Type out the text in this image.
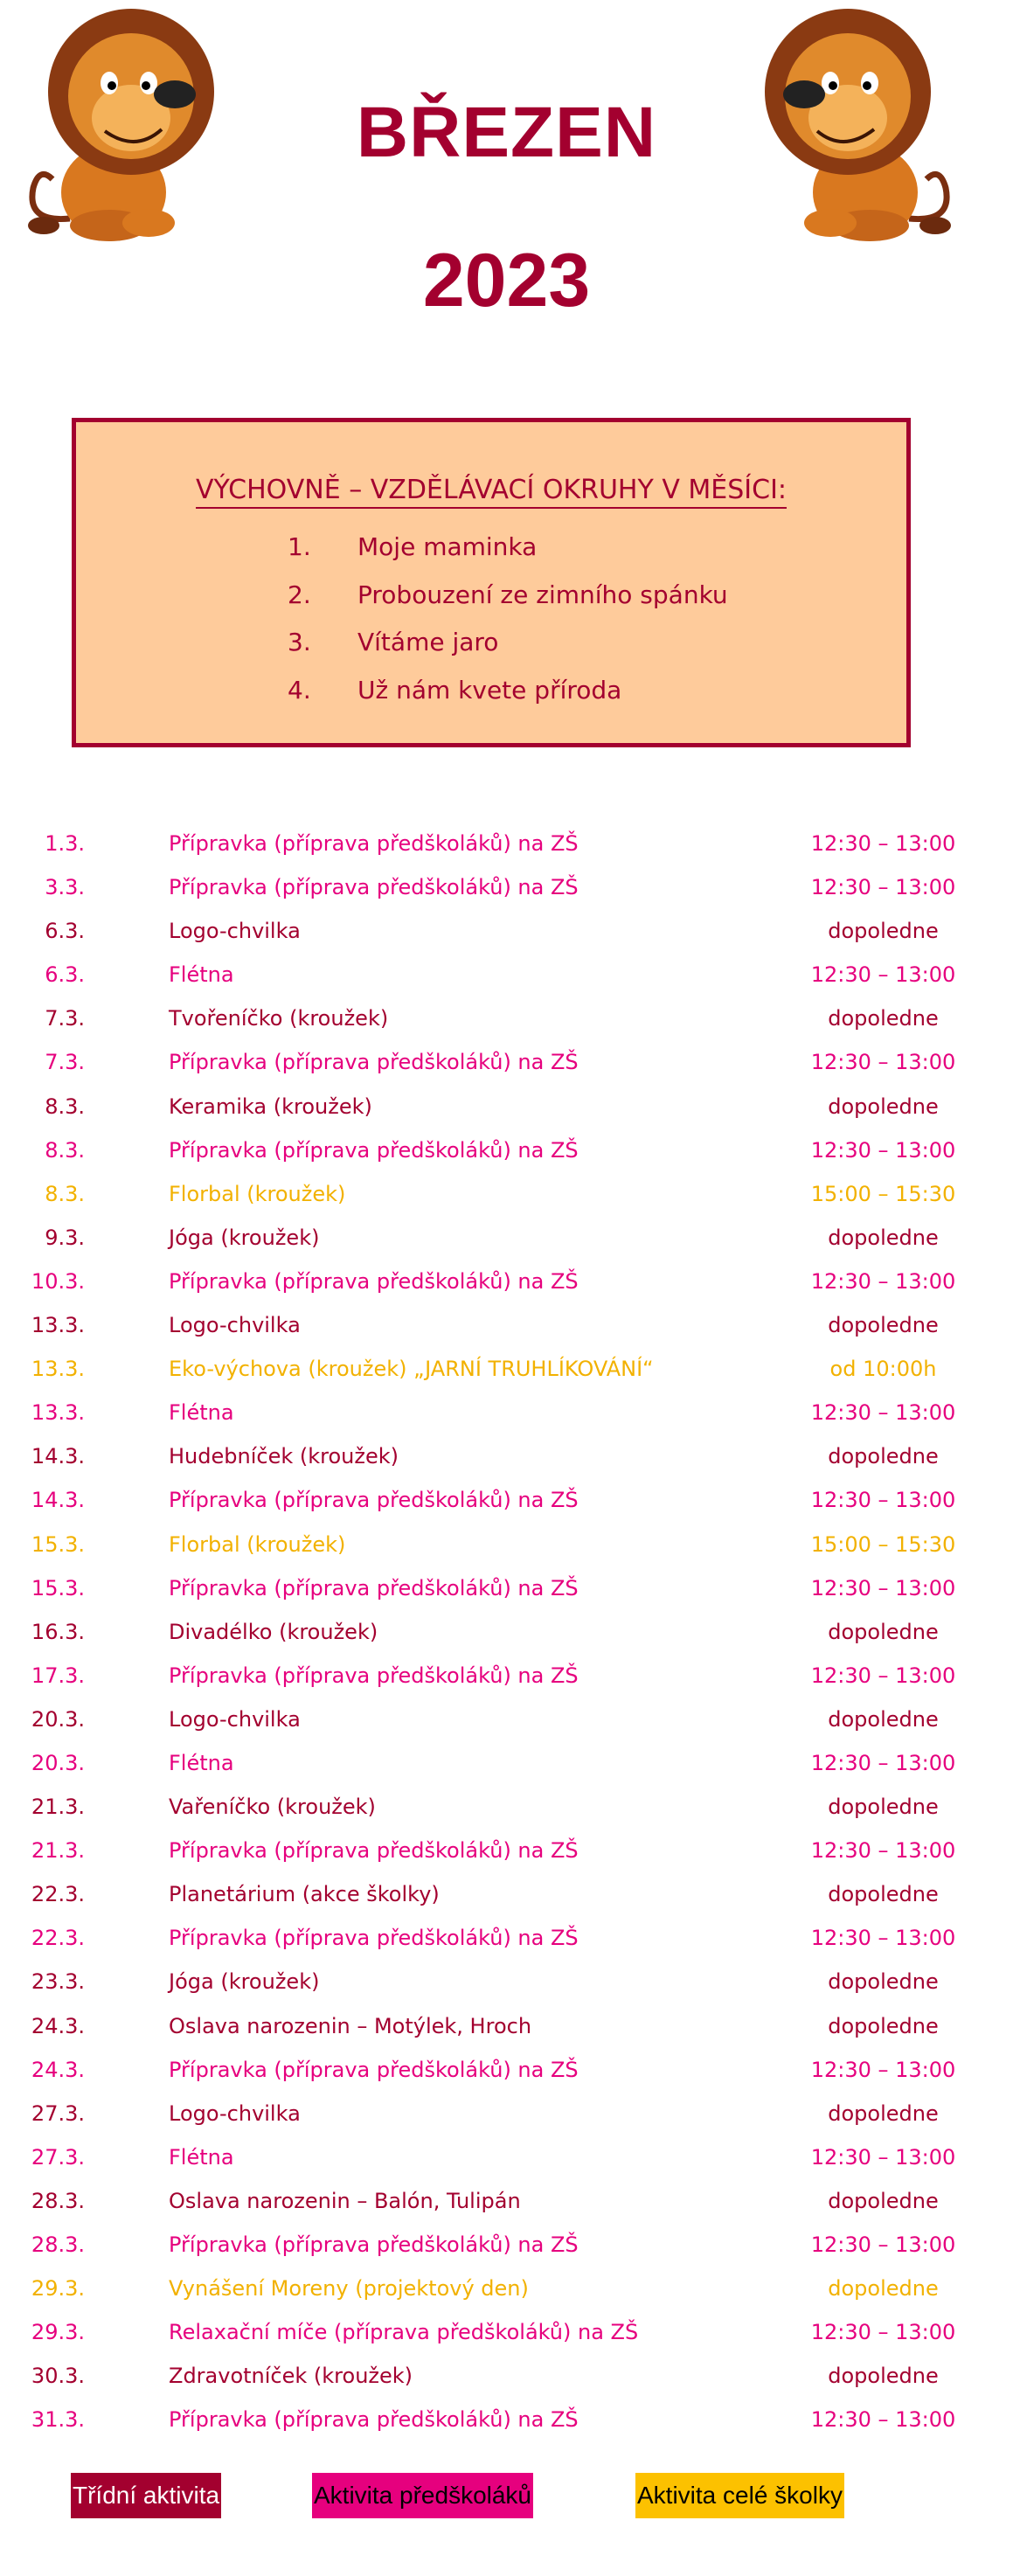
BŘEZEN
2023
VÝCHOVNĚ – VZDĚLÁVACÍ OKRUHY V MĚSÍCI:
1. Moje maminka
2. Probouzení ze zimního spánku
3. Vítáme jaro
4. Už nám kvete příroda
1.3.	Přípravka (příprava předškoláků) na ZŠ	12:30 – 13:00
3.3.	Přípravka (příprava předškoláků) na ZŠ	12:30 – 13:00
6.3.	Logo-chvilka	dopoledne
6.3.	Flétna	12:30 – 13:00
7.3.	Tvořeníčko (kroužek)	dopoledne
7.3.	Přípravka (příprava předškoláků) na ZŠ	12:30 – 13:00
8.3.	Keramika (kroužek)	dopoledne
8.3.	Přípravka (příprava předškoláků) na ZŠ	12:30 – 13:00
8.3.	Florbal (kroužek)	15:00 – 15:30
9.3.	Jóga (kroužek)	dopoledne
10.3.	Přípravka (příprava předškoláků) na ZŠ	12:30 – 13:00
13.3.	Logo-chvilka	dopoledne
13.3.	Eko-výchova (kroužek) „JARNÍ TRUHLÍKOVÁNÍ“	od 10:00h
13.3.	Flétna	12:30 – 13:00
14.3.	Hudebníček (kroužek)	dopoledne
14.3.	Přípravka (příprava předškoláků) na ZŠ	12:30 – 13:00
15.3.	Florbal (kroužek)	15:00 – 15:30
15.3.	Přípravka (příprava předškoláků) na ZŠ	12:30 – 13:00
16.3.	Divadélko (kroužek)	dopoledne
17.3.	Přípravka (příprava předškoláků) na ZŠ	12:30 – 13:00
20.3.	Logo-chvilka	dopoledne
20.3.	Flétna	12:30 – 13:00
21.3.	Vařeníčko (kroužek)	dopoledne
21.3.	Přípravka (příprava předškoláků) na ZŠ	12:30 – 13:00
22.3.	Planetárium (akce školky)	dopoledne
22.3.	Přípravka (příprava předškoláků) na ZŠ	12:30 – 13:00
23.3.	Jóga (kroužek)	dopoledne
24.3.	Oslava narozenin – Motýlek, Hroch	dopoledne
24.3.	Přípravka (příprava předškoláků) na ZŠ	12:30 – 13:00
27.3.	Logo-chvilka	dopoledne
27.3.	Flétna	12:30 – 13:00
28.3.	Oslava narozenin – Balón, Tulipán	dopoledne
28.3.	Přípravka (příprava předškoláků) na ZŠ	12:30 – 13:00
29.3.	Vynášení Moreny (projektový den)	dopoledne
29.3.	Relaxační míče (příprava předškoláků) na ZŠ	12:30 – 13:00
30.3.	Zdravotníček (kroužek)	dopoledne
31.3.	Přípravka (příprava předškoláků) na ZŠ	12:30 – 13:00
Třídní aktivita	Aktivita předškoláků	Aktivita celé školky
